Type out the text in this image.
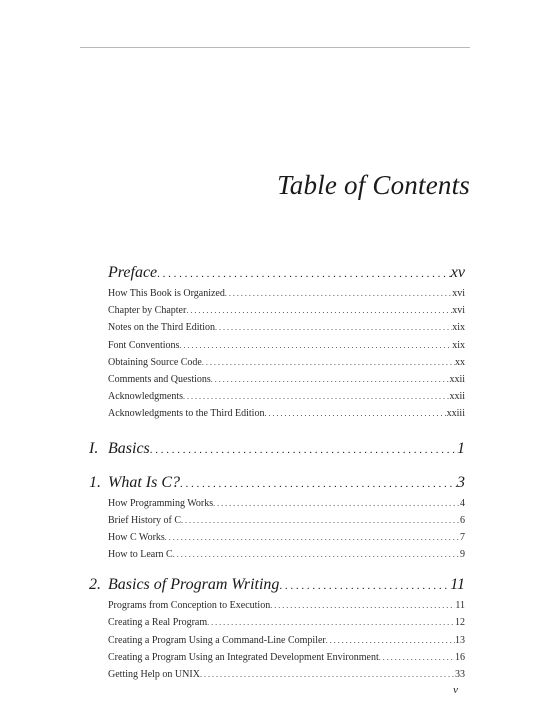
Table of Contents
Preface . . .	xv
How This Book is Organized . . .	xvi
Chapter by Chapter . . .	xvi
Notes on the Third Edition . . .	xix
Font Conventions . . .	xix
Obtaining Source Code . . .	xx
Comments and Questions . . .	xxii
Acknowledgments . . .	xxii
Acknowledgments to the Third Edition . . .	xxiii
I. Basics . . .	1
1. What Is C? . . .	3
How Programming Works . . .	4
Brief History of C . . .	6
How C Works . . .	7
How to Learn C . . .	9
2. Basics of Program Writing . . .	11
Programs from Conception to Execution . . .	11
Creating a Real Program . . .	12
Creating a Program Using a Command-Line Compiler . . .	13
Creating a Program Using an Integrated Development Environment . . .	16
Getting Help on UNIX . . .	33
v
